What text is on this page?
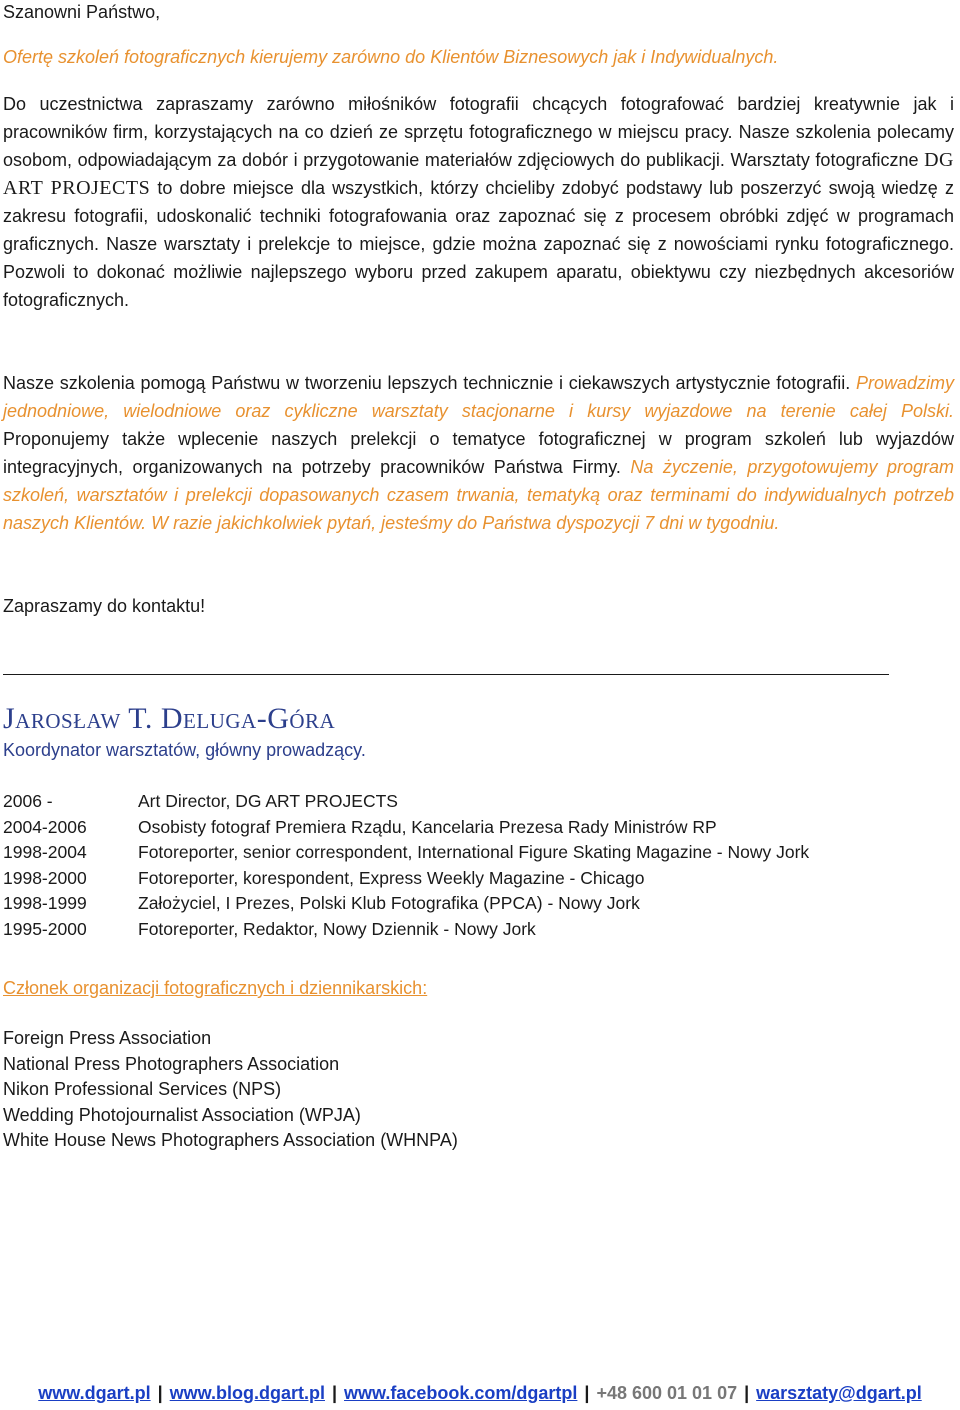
Szanowni Państwo,

Ofertę szkoleń fotograficznych kierujemy zarówno do Klientów Biznesowych jak i Indywidualnych.

Do uczestnictwa zapraszamy zarówno miłośników fotografii chcących fotografować bardziej kreatywnie jak i pracowników firm, korzystających na co dzień ze sprzętu fotograficznego w miejscu pracy. Nasze szkolenia polecamy osobom, odpowiadającym za dobór i przygotowanie materiałów zdjęciowych do publikacji. Warsztaty fotograficzne DG ART PROJECTS to dobre miejsce dla wszystkich, którzy chcieliby zdobyć podstawy lub poszerzyć swoją wiedzę z zakresu fotografii, udoskonalić techniki fotografowania oraz zapoznać się z procesem obróbki zdjęć w programach graficznych. Nasze warsztaty i prelekcje to miejsce, gdzie można zapoznać się z nowościami rynku fotograficznego. Pozwoli to dokonać możliwie najlepszego wyboru przed zakupem aparatu, obiektywu czy niezbędnych akcesoriów fotograficznych.

Nasze szkolenia pomogą Państwu w tworzeniu lepszych technicznie i ciekawszych artystycznie fotografii. Prowadzimy jednodniowe, wielodniowe oraz cykliczne warsztaty stacjonarne i kursy wyjazdowe na terenie całej Polski. Proponujemy także wplecenie naszych prelekcji o tematyce fotograficznej w program szkoleń lub wyjazdów integracyjnych, organizowanych na potrzeby pracowników Państwa Firmy. Na życzenie, przygotowujemy program szkoleń, warsztatów i prelekcji dopasowanych czasem trwania, tematyką oraz terminami do indywidualnych potrzeb naszych Klientów. W razie jakichkolwiek pytań, jesteśmy do Państwa dyspozycji 7 dni w tygodniu.

Zapraszamy do kontaktu!

Jarosław T. Deluga-Góra
Koordynator warsztatów, główny prowadzący.
2006 -	Art Director, DG ART PROJECTS
2004-2006	Osobisty fotograf Premiera Rządu, Kancelaria Prezesa Rady Ministrów RP
1998-2004	Fotoreporter, senior correspondent, International Figure Skating Magazine - Nowy Jork
1998-2000	Fotoreporter, korespondent, Express Weekly Magazine - Chicago
1998-1999	Założyciel, I Prezes, Polski Klub Fotografika (PPCA) - Nowy Jork
1995-2000	Fotoreporter, Redaktor, Nowy Dziennik - Nowy Jork
Członek organizacji fotograficznych i dziennikarskich:
Foreign Press Association
National Press Photographers Association
Nikon Professional Services (NPS)
Wedding Photojournalist Association (WPJA)
White House News Photographers Association (WHNPA)
www.dgart.pl | www.blog.dgart.pl | www.facebook.com/dgartpl | +48 600 01 01 07 | warsztaty@dgart.pl
